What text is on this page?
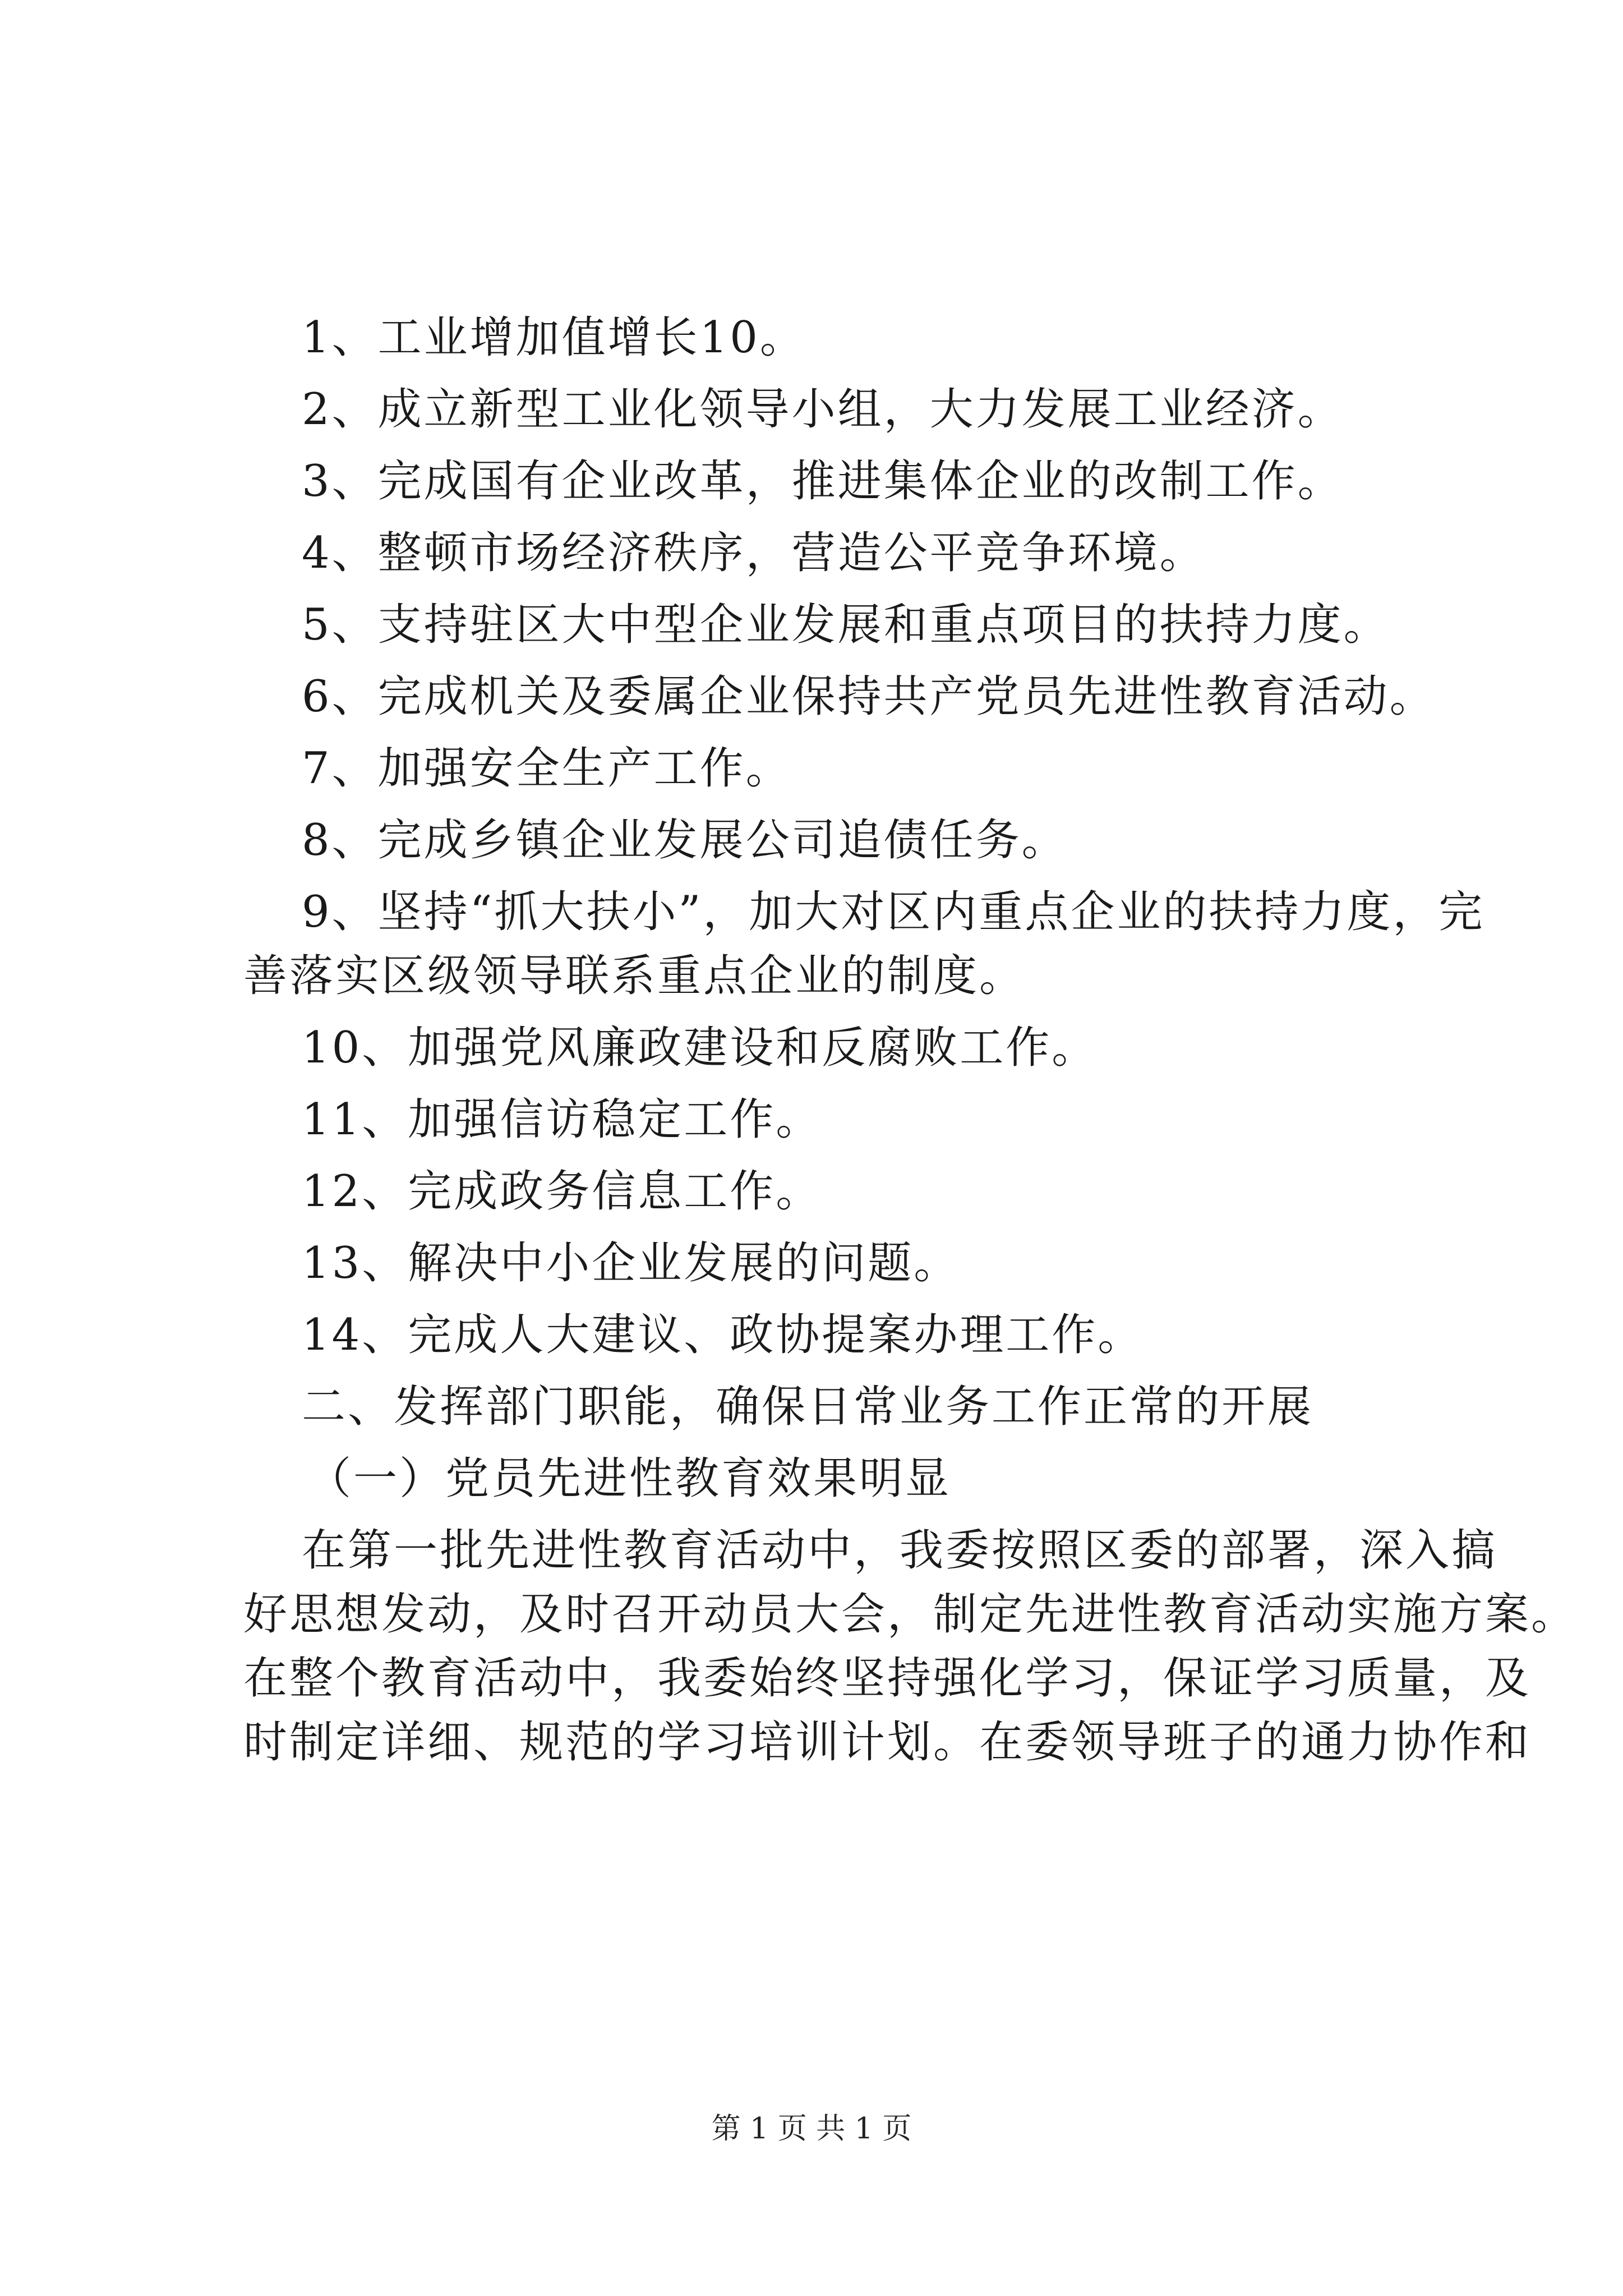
1、工业增加值增长10。
2、成立新型工业化领导小组，大力发展工业经济。
3、完成国有企业改革，推进集体企业的改制工作。
4、整顿市场经济秩序，营造公平竞争环境。
5、支持驻区大中型企业发展和重点项目的扶持力度。
6、完成机关及委属企业保持共产党员先进性教育活动。
7、加强安全生产工作。
8、完成乡镇企业发展公司追债任务。
9、坚持“抓大扶小”，加大对区内重点企业的扶持力度，完
善落实区级领导联系重点企业的制度。
10、加强党风廉政建设和反腐败工作。
11、加强信访稳定工作。
12、完成政务信息工作。
13、解决中小企业发展的问题。
14、完成人大建议、政协提案办理工作。
二、发挥部门职能，确保日常业务工作正常的开展
（一）党员先进性教育效果明显
在第一批先进性教育活动中，我委按照区委的部署，深入搞
好思想发动，及时召开动员大会，制定先进性教育活动实施方案。
在整个教育活动中，我委始终坚持强化学习，保证学习质量，及
时制定详细、规范的学习培训计划。在委领导班子的通力协作和
第 1 页 共 1 页
